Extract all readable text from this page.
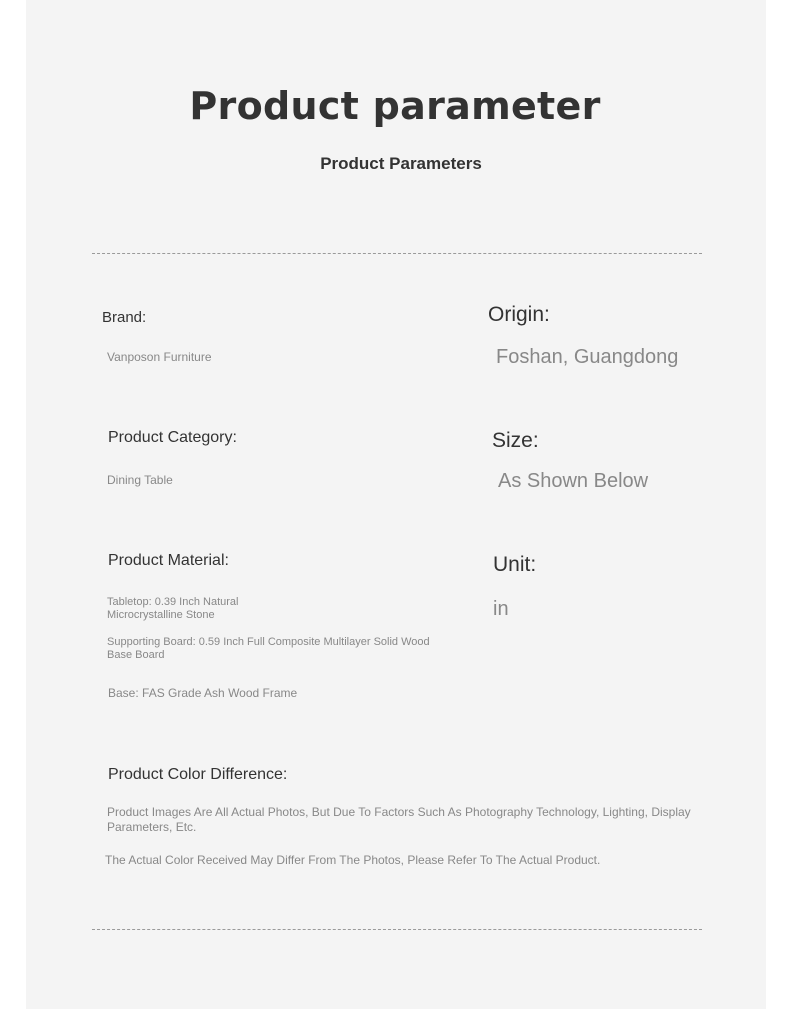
Product parameter
Product Parameters
Brand:
Vanposon Furniture
Origin:
Foshan, Guangdong
Product Category:
Dining Table
Size:
As Shown Below
Product Material:
Tabletop: 0.39 Inch Natural Microcrystalline Stone
Supporting Board: 0.59 Inch Full Composite Multilayer Solid Wood Base Board
Base: FAS Grade Ash Wood Frame
Unit:
in
Product Color Difference:
Product Images Are All Actual Photos, But Due To Factors Such As Photography Technology, Lighting, Display Parameters, Etc.
The Actual Color Received May Differ From The Photos, Please Refer To The Actual Product.
